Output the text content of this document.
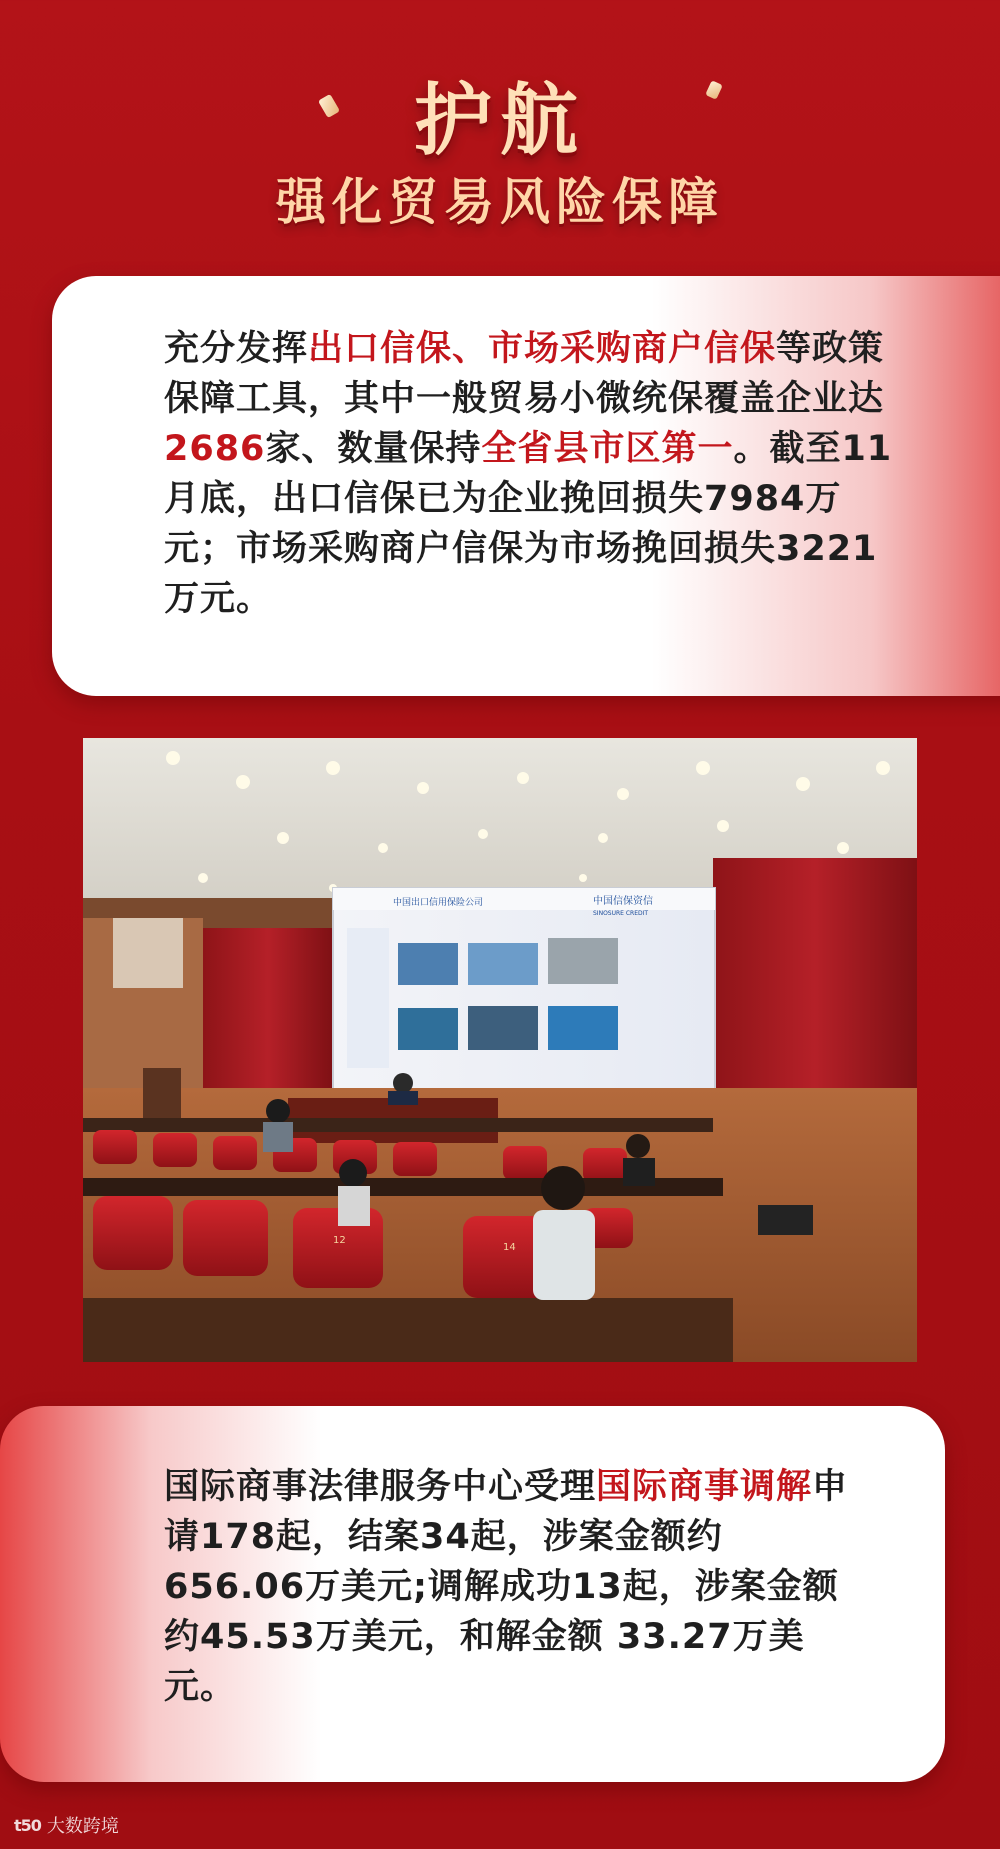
护航
强化贸易风险保障
充分发挥出口信保、市场采购商户信保等政策保障工具，其中一般贸易小微统保覆盖企业达2686家、数量保持全省县市区第一。截至11月底，出口信保已为企业挽回损失7984万元；市场采购商户信保为市场挽回损失3221万元。
中国出口信用保险公司	中国信保资信
SINOSURE CREDIT
12
14
国际商事法律服务中心受理国际商事调解申请178起，结案34起，涉案金额约656.06万美元;调解成功13起，涉案金额约45.53万美元，和解金额 33.27万美元。
t50 大数跨境
